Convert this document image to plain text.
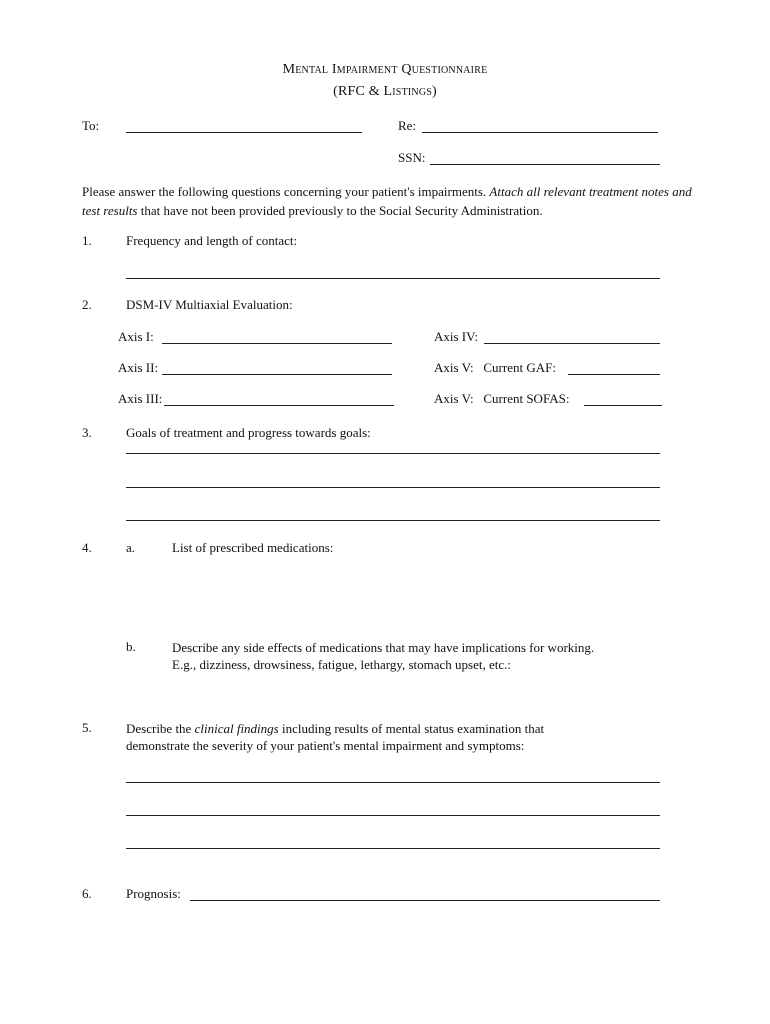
Mental Impairment Questionnaire
(RFC & Listings)
To:	Re:
SSN:
Please answer the following questions concerning your patient's impairments. Attach all relevant treatment notes and test results that have not been provided previously to the Social Security Administration.
1.	Frequency and length of contact:
2.	DSM-IV Multiaxial Evaluation:
Axis I:	Axis IV:
Axis II:	Axis V:   Current GAF:
Axis III:	Axis V:   Current SOFAS:
3.	Goals of treatment and progress towards goals:
4.	a.	List of prescribed medications:
b.	Describe any side effects of medications that may have implications for working. E.g., dizziness, drowsiness, fatigue, lethargy, stomach upset, etc.:
5.	Describe the clinical findings including results of mental status examination that demonstrate the severity of your patient's mental impairment and symptoms:
6.	Prognosis:
